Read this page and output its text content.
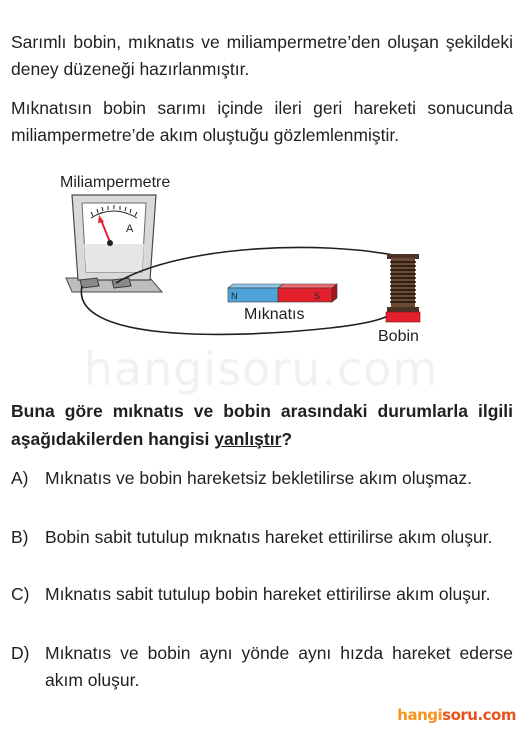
Sarımlı bobin, mıknatıs ve miliampermetre’den oluşan şekildeki deney düzeneği hazırlanmıştır.

Mıknatısın bobin sarımı içinde ileri geri hareketi sonucunda miliampermetre’de akım oluştuğu gözlemlenmiştir.

Miliampermetre
A
N	S
Mıknatıs
Bobin
hangisoru.com

Buna göre mıknatıs ve bobin arasındaki durumlarla ilgili aşağıdakilerden hangisi yanlıştır?

A) Mıknatıs ve bobin hareketsiz bekletilirse akım oluşmaz.
B) Bobin sabit tutulup mıknatıs hareket ettirilirse akım oluşur.
C) Mıknatıs sabit tutulup bobin hareket ettirilirse akım oluşur.
D) Mıknatıs ve bobin aynı yönde aynı hızda hareket ederse akım oluşur.
hangisoru.com
